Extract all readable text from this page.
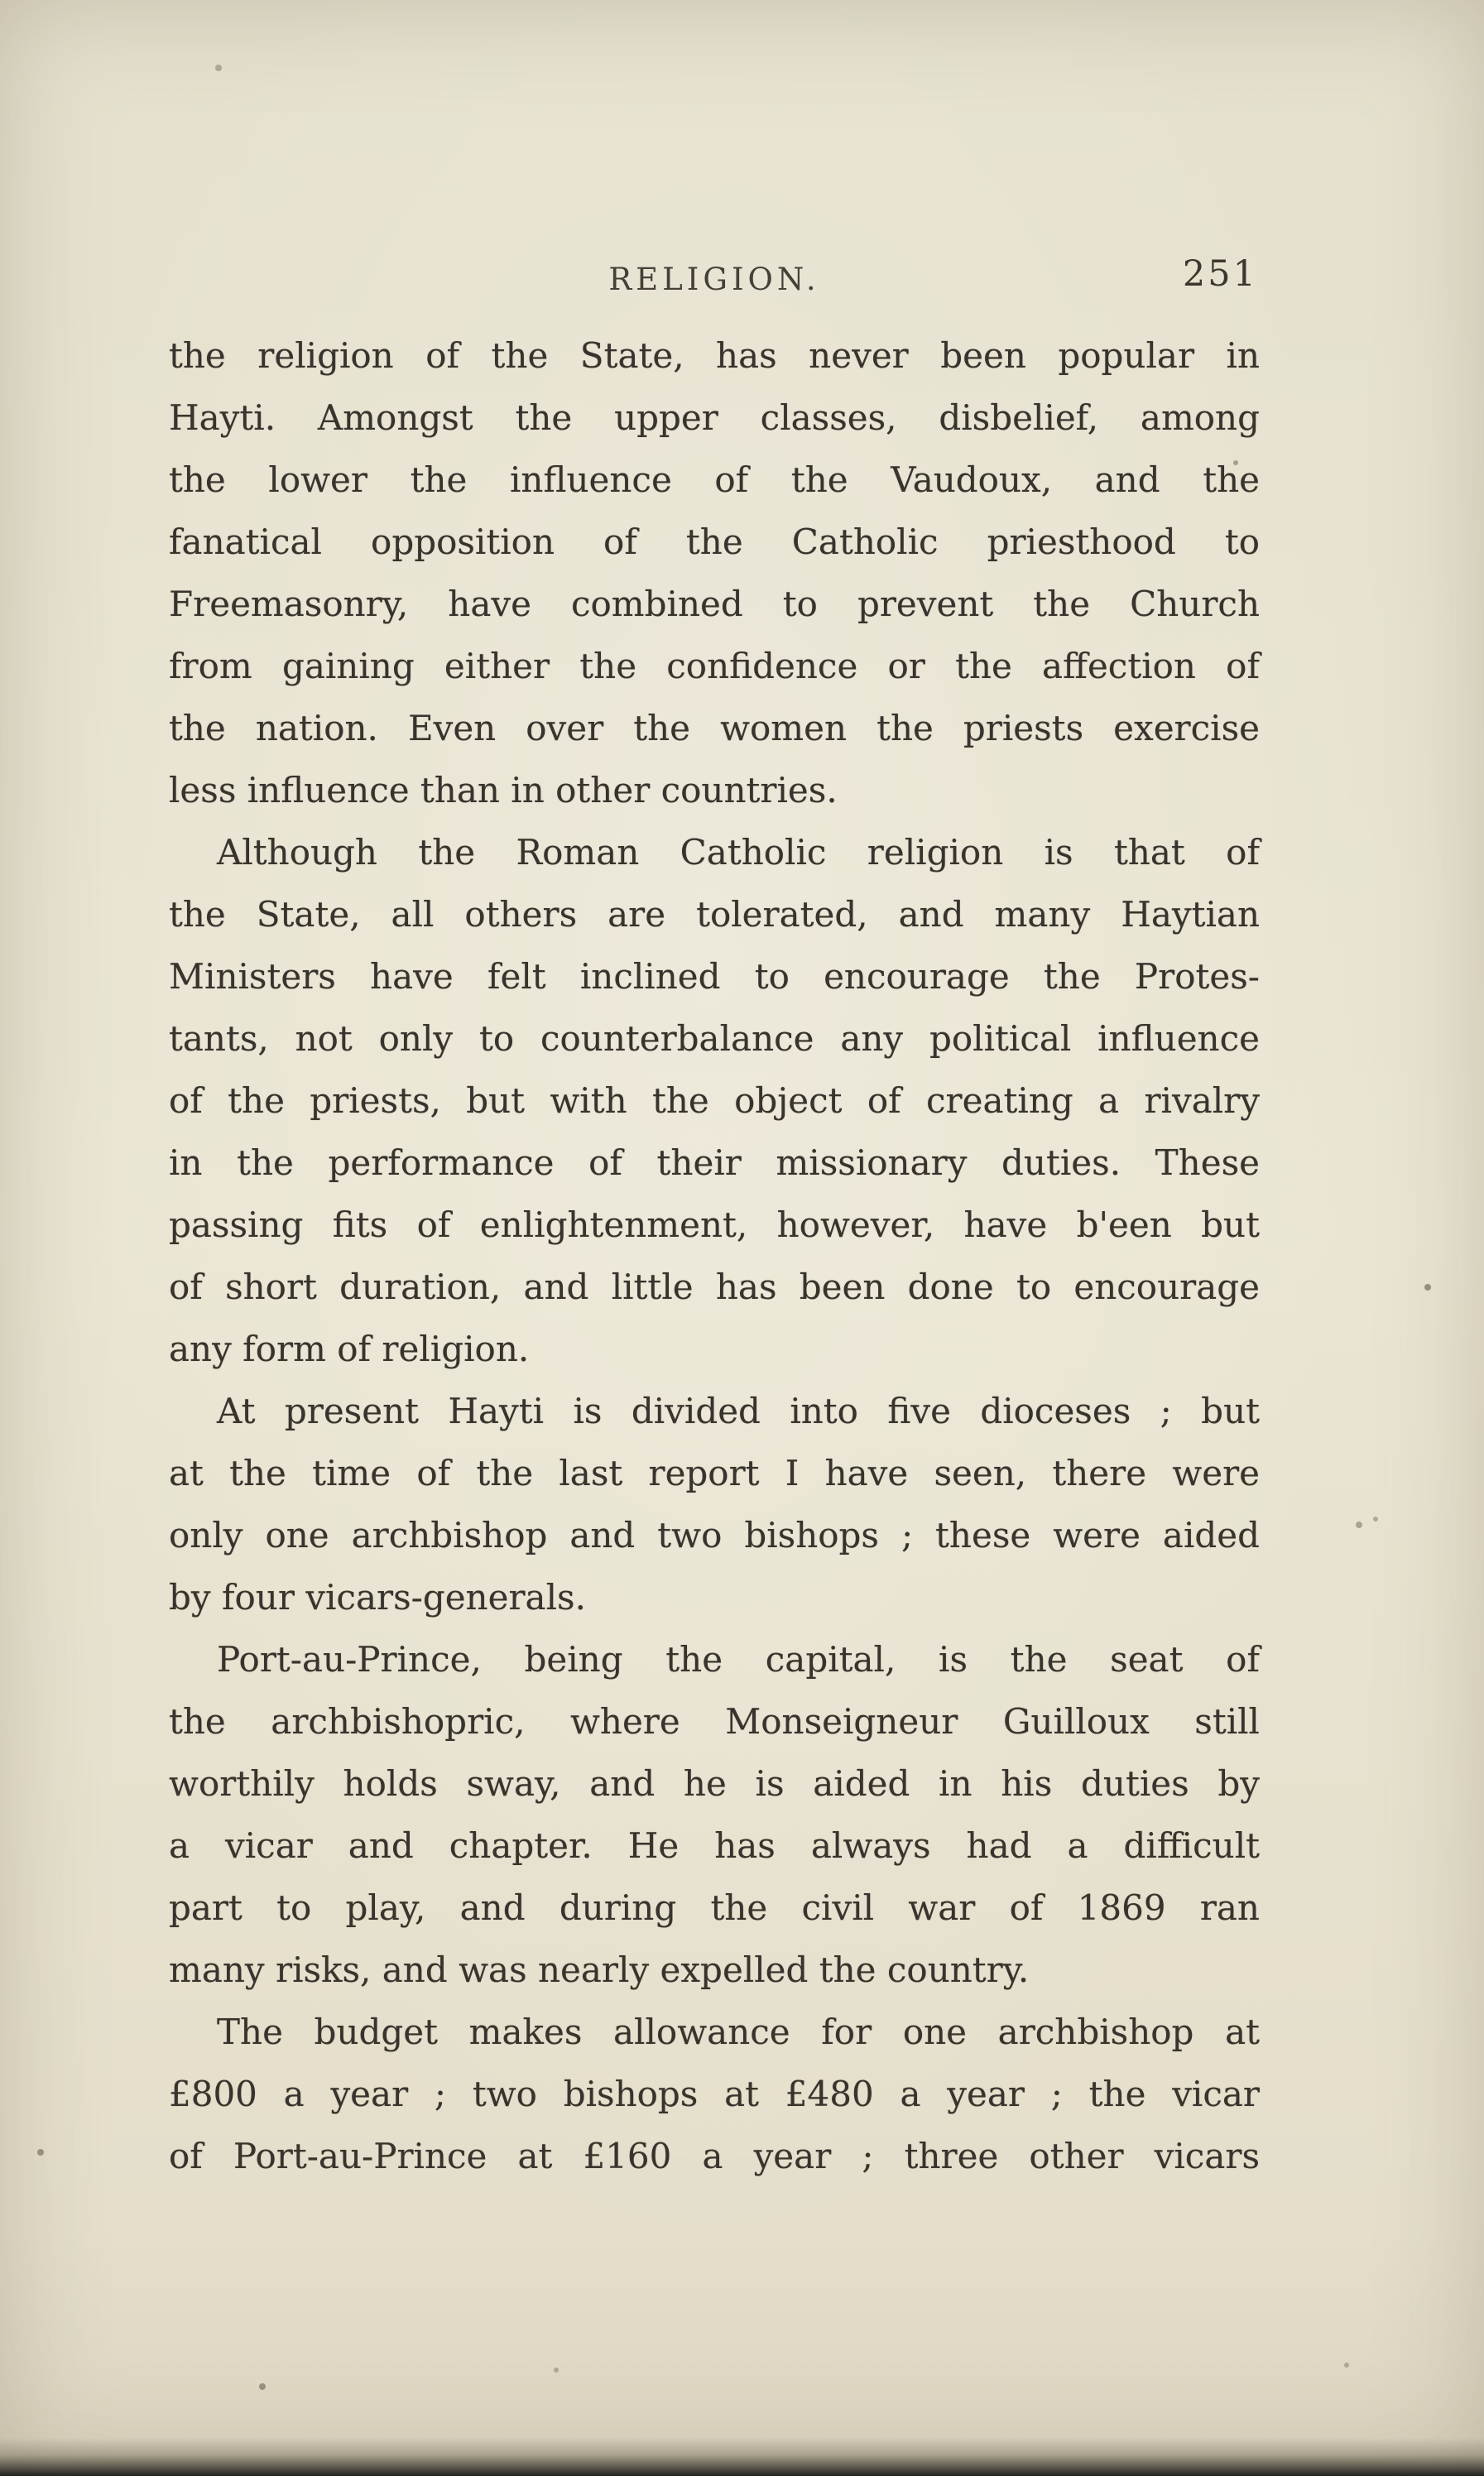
RELIGION.	251
the religion of the State, has never been popular in
Hayti. Amongst the upper classes, disbelief, among
the lower the influence of the Vaudoux, and the
fanatical opposition of the Catholic priesthood to
Freemasonry, have combined to prevent the Church
from gaining either the confidence or the affection of
the nation. Even over the women the priests exercise
less influence than in other countries.
Although the Roman Catholic religion is that of
the State, all others are tolerated, and many Haytian
Ministers have felt inclined to encourage the Protes-
tants, not only to counterbalance any political influence
of the priests, but with the object of creating a rivalry
in the performance of their missionary duties. These
passing fits of enlightenment, however, have b'een but
of short duration, and little has been done to encourage
any form of religion.
At present Hayti is divided into five dioceses ; but
at the time of the last report I have seen, there were
only one archbishop and two bishops ; these were aided
by four vicars-generals.
Port-au-Prince, being the capital, is the seat of
the archbishopric, where Monseigneur Guilloux still
worthily holds sway, and he is aided in his duties by
a vicar and chapter. He has always had a difficult
part to play, and during the civil war of 1869 ran
many risks, and was nearly expelled the country.
The budget makes allowance for one archbishop at
£800 a year ; two bishops at £480 a year ; the vicar
of Port-au-Prince at £160 a year ; three other vicars
